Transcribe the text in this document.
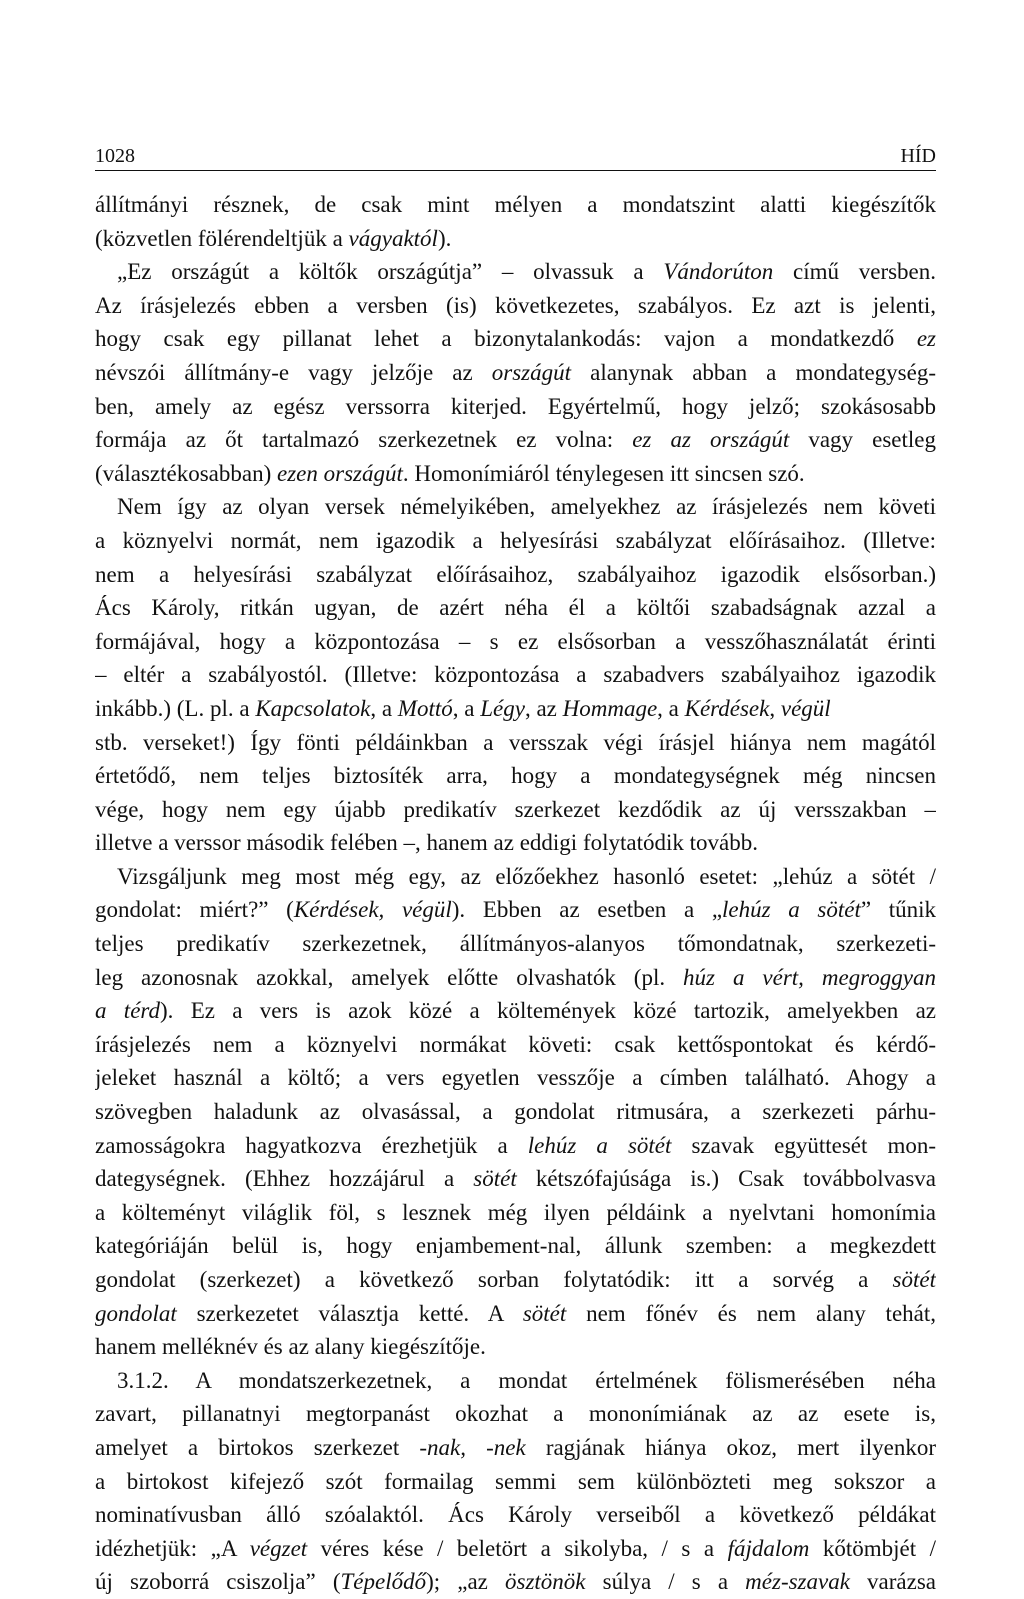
1028	HÍD
állítmányi résznek, de csak mint mélyen a mondatszint alatti kiegészítők
(közvetlen fölérendeltjük a vágyaktól).
„Ez országút a költők országútja” – olvassuk a Vándorúton című versben.
Az írásjelezés ebben a versben (is) következetes, szabályos. Ez azt is jelenti,
hogy csak egy pillanat lehet a bizonytalankodás: vajon a mondatkezdő ez
névszói állítmány-e vagy jelzője az országút alanynak abban a mondategység-
ben, amely az egész verssorra kiterjed. Egyértelmű, hogy jelző; szokásosabb
formája az őt tartalmazó szerkezetnek ez volna: ez az országút vagy esetleg
(választékosabban) ezen országút. Homonímiáról ténylegesen itt sincsen szó.
Nem így az olyan versek némelyikében, amelyekhez az írásjelezés nem követi
a köznyelvi normát, nem igazodik a helyesírási szabályzat előírásaihoz. (Illetve:
nem a helyesírási szabályzat előírásaihoz, szabályaihoz igazodik elsősorban.)
Ács Károly, ritkán ugyan, de azért néha él a költői szabadságnak azzal a
formájával, hogy a központozása – s ez elsősorban a vesszőhasználatát érinti
– eltér a szabályostól. (Illetve: központozása a szabadvers szabályaihoz igazodik
inkább.) (L. pl. a Kapcsolatok, a Mottó, a Légy, az Hommage, a Kérdések, végül
stb. verseket!) Így fönti példáinkban a versszak végi írásjel hiánya nem magától
értetődő, nem teljes biztosíték arra, hogy a mondategységnek még nincsen
vége, hogy nem egy újabb predikatív szerkezet kezdődik az új versszakban –
illetve a verssor második felében –, hanem az eddigi folytatódik tovább.
Vizsgáljunk meg most még egy, az előzőekhez hasonló esetet: „lehúz a sötét /
gondolat: miért?” (Kérdések, végül). Ebben az esetben a „lehúz a sötét” tűnik
teljes predikatív szerkezetnek, állítmányos-alanyos tőmondatnak, szerkezeti-
leg azonosnak azokkal, amelyek előtte olvashatók (pl. húz a vért, megroggyan
a térd). Ez a vers is azok közé a költemények közé tartozik, amelyekben az
írásjelezés nem a köznyelvi normákat követi: csak kettőspontokat és kérdő-
jeleket használ a költő; a vers egyetlen vesszője a címben található. Ahogy a
szövegben haladunk az olvasással, a gondolat ritmusára, a szerkezeti párhu-
zamosságokra hagyatkozva érezhetjük a lehúz a sötét szavak együttesét mon-
dategységnek. (Ehhez hozzájárul a sötét kétszófajúsága is.) Csak továbbolvasva
a költeményt világlik föl, s lesznek még ilyen példáink a nyelvtani homonímia
kategóriáján belül is, hogy enjambement-nal, állunk szemben: a megkezdett
gondolat (szerkezet) a következő sorban folytatódik: itt a sorvég a sötét
gondolat szerkezetet választja ketté. A sötét nem főnév és nem alany tehát,
hanem melléknév és az alany kiegészítője.
3.1.2. A mondatszerkezetnek, a mondat értelmének fölismerésében néha
zavart, pillanatnyi megtorpanást okozhat a mononímiának az az esete is,
amelyet a birtokos szerkezet -nak, -nek ragjának hiánya okoz, mert ilyenkor
a birtokost kifejező szót formailag semmi sem különbözteti meg sokszor a
nominatívusban álló szóalaktól. Ács Károly verseiből a következő példákat
idézhetjük: „A végzet véres kése / beletört a sikolyba, / s a fájdalom kőtömbjét /
új szoborrá csiszolja” (Tépelődő); „az ösztönök súlya / s a méz-szavak varázsa
